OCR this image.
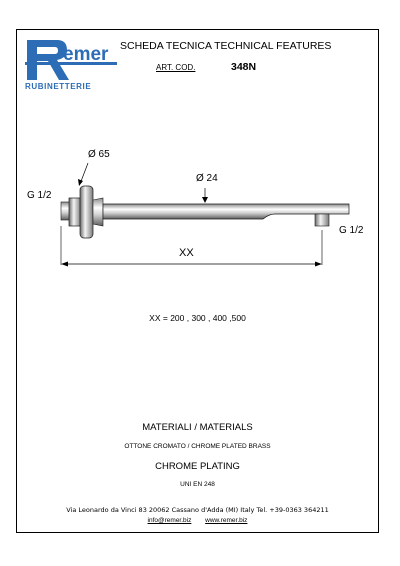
emer
RUBINETTERIE
SCHEDA TECNICA TECHNICAL FEATURES
ART. COD.	348N
Ø 65
Ø 24
G 1/2
G 1/2
XX
XX = 200 , 300 , 400 ,500
MATERIALI / MATERIALS
OTTONE CROMATO / CHROME PLATED BRASS
CHROME PLATING
UNI EN 248
Via Leonardo da Vinci 83 20062 Cassano d'Adda (MI) Italy Tel. +39-0363 364211
info@remer.biz www.remer.biz
